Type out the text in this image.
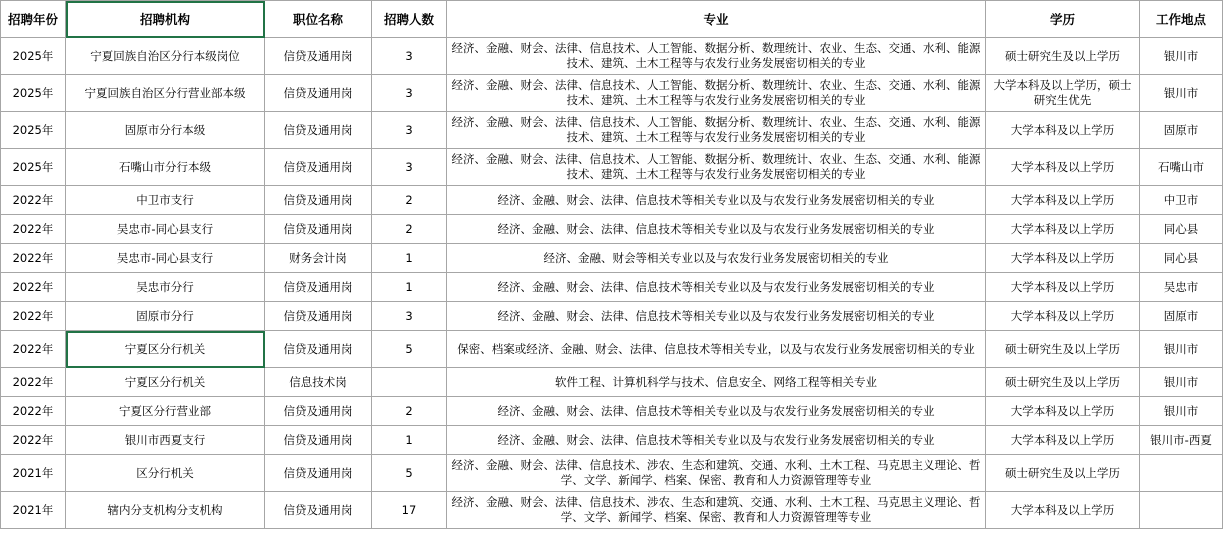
招聘年份	招聘机构	职位名称	招聘人数	专业	学历	工作地点
2025年	宁夏回族自治区分行本级岗位	信贷及通用岗	3	经济、金融、财会、法律、信息技术、人工智能、数据分析、数理统计、农业、生态、交通、水利、能源技术、建筑、土木工程等与农发行业务发展密切相关的专业	硕士研究生及以上学历	银川市
2025年	宁夏回族自治区分行营业部本级	信贷及通用岗	3	经济、金融、财会、法律、信息技术、人工智能、数据分析、数理统计、农业、生态、交通、水利、能源技术、建筑、土木工程等与农发行业务发展密切相关的专业	大学本科及以上学历，硕士研究生优先	银川市
2025年	固原市分行本级	信贷及通用岗	3	经济、金融、财会、法律、信息技术、人工智能、数据分析、数理统计、农业、生态、交通、水利、能源技术、建筑、土木工程等与农发行业务发展密切相关的专业	大学本科及以上学历	固原市
2025年	石嘴山市分行本级	信贷及通用岗	3	经济、金融、财会、法律、信息技术、人工智能、数据分析、数理统计、农业、生态、交通、水利、能源技术、建筑、土木工程等与农发行业务发展密切相关的专业	大学本科及以上学历	石嘴山市
2022年	中卫市支行	信贷及通用岗	2	经济、金融、财会、法律、信息技术等相关专业以及与农发行业务发展密切相关的专业	大学本科及以上学历	中卫市
2022年	吴忠市-同心县支行	信贷及通用岗	2	经济、金融、财会、法律、信息技术等相关专业以及与农发行业务发展密切相关的专业	大学本科及以上学历	同心县
2022年	吴忠市-同心县支行	财务会计岗	1	经济、金融、财会等相关专业以及与农发行业务发展密切相关的专业	大学本科及以上学历	同心县
2022年	吴忠市分行	信贷及通用岗	1	经济、金融、财会、法律、信息技术等相关专业以及与农发行业务发展密切相关的专业	大学本科及以上学历	吴忠市
2022年	固原市分行	信贷及通用岗	3	经济、金融、财会、法律、信息技术等相关专业以及与农发行业务发展密切相关的专业	大学本科及以上学历	固原市
2022年	宁夏区分行机关	信贷及通用岗	5	保密、档案或经济、金融、财会、法律、信息技术等相关专业，以及与农发行业务发展密切相关的专业	硕士研究生及以上学历	银川市
2022年	宁夏区分行机关	信息技术岗		软件工程、计算机科学与技术、信息安全、网络工程等相关专业	硕士研究生及以上学历	银川市
2022年	宁夏区分行营业部	信贷及通用岗	2	经济、金融、财会、法律、信息技术等相关专业以及与农发行业务发展密切相关的专业	大学本科及以上学历	银川市
2022年	银川市西夏支行	信贷及通用岗	1	经济、金融、财会、法律、信息技术等相关专业以及与农发行业务发展密切相关的专业	大学本科及以上学历	银川市-西夏
2021年	区分行机关	信贷及通用岗	5	经济、金融、财会、法律、信息技术、涉农、生态和建筑、交通、水利、土木工程、马克思主义理论、哲学、文学、新闻学、档案、保密、教育和人力资源管理等专业	硕士研究生及以上学历	
2021年	辖内分支机构分支机构	信贷及通用岗	17	经济、金融、财会、法律、信息技术、涉农、生态和建筑、交通、水利、土木工程、马克思主义理论、哲学、文学、新闻学、档案、保密、教育和人力资源管理等专业	大学本科及以上学历	
